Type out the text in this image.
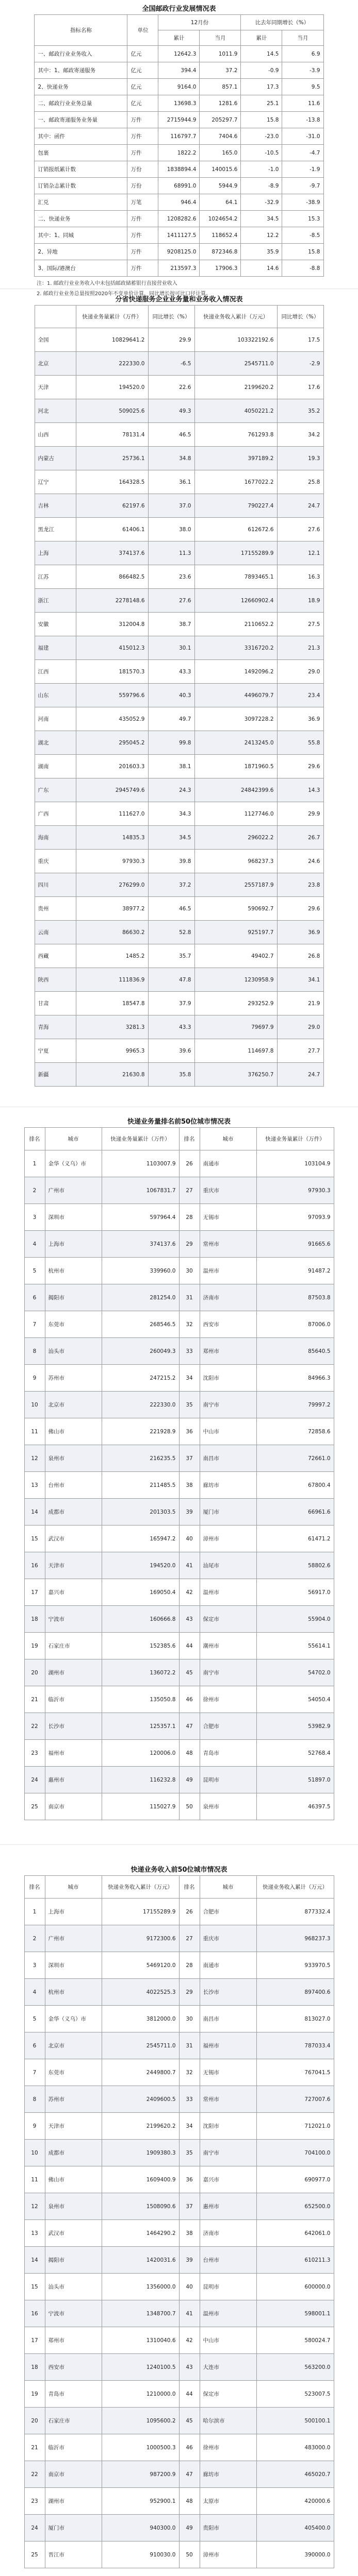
全国邮政行业发展情况表
指标名称	单位	12月份		比去年同期增长（%）	
		累计	当月	累计	当月
一、邮政行业业务收入	亿元	12642.3	1011.9	14.5	6.9
其中：1、邮政寄递服务	亿元	394.4	37.2	-0.9	-3.9
2、快递业务	亿元	9164.0	857.1	17.3	9.5
二、邮政行业业务总量	亿元	13698.3	1281.6	25.1	11.6
一、邮政寄递服务业务量	万件	2715944.9	205297.7	15.8	-13.8
其中：函件	万件	116797.7	7404.6	-23.0	-31.0
包裹	万件	1822.2	165.0	-10.5	-4.7
订销报纸累计数	万份	1838894.4	140015.6	-1.0	-1.9
订销杂志累计数	万份	68991.0	5944.9	-8.9	-9.7
汇兑	万笔	946.4	64.1	-32.9	-38.9
二、快递业务	万件	1208282.6	1024654.2	34.5	15.3
其中：1、同城	万件	1411127.5	118652.4	12.2	-8.5
2、异地	万件	9208125.0	872346.8	35.9	15.8
3、国际/港澳台	万件	213597.3	17906.3	14.6	-8.8
注：1. 邮政行业业务收入中未包括邮政储蓄银行直接营业收入
2. 邮政行业业务总量按照2020年不变单价计算，同比增长按可比口径计算。
分省快递服务企业业务量和业务收入情况表
	快递业务量累计（万件）	同比增长（%）	快递业务收入累计（万元）	同比增长（%）
全国	10829641.2	29.9	103322192.6	17.5
北京	222330.0	-6.5	2545711.0	-2.9
天津	194520.0	22.6	2199620.2	17.6
河北	509025.6	49.3	4050221.2	35.2
山西	78131.4	46.5	761293.8	34.2
内蒙古	25736.1	34.8	397189.2	19.3
辽宁	164328.5	36.1	1677022.2	25.8
吉林	62197.6	37.0	790227.4	24.7
黑龙江	61406.1	38.0	612672.6	27.6
上海	374137.6	11.3	17155289.9	12.1
江苏	866482.5	23.6	7893465.1	16.3
浙江	2278148.6	27.6	12660902.4	18.9
安徽	312004.8	38.7	2110652.2	27.5
福建	415012.3	30.1	3316720.2	21.3
江西	181570.3	43.3	1492096.2	29.0
山东	559796.6	40.3	4496079.7	23.4
河南	435052.9	49.7	3097228.2	36.9
湖北	295045.2	99.8	2413245.0	55.8
湖南	201603.3	38.1	1871960.5	29.6
广东	2945749.6	24.3	24842399.6	14.3
广西	111627.0	34.3	1127746.0	29.9
海南	14835.3	34.5	296022.2	26.7
重庆	97930.3	39.8	968237.3	24.6
四川	276299.0	37.2	2557187.9	23.8
贵州	38977.2	46.5	590692.7	29.6
云南	86630.2	52.8	925197.7	36.9
西藏	1485.2	35.7	49402.7	26.8
陕西	111836.9	47.8	1230958.9	34.1
甘肃	18547.8	37.9	293252.9	21.9
青海	3281.3	43.3	79697.9	29.0
宁夏	9965.3	39.6	114697.8	27.7
新疆	21630.8	35.8	376250.7	24.7
快递业务量排名前50位城市情况表
排名	城市	快递业务量累计（万件）	排名	城市	快递业务量累计（万件）
1	金华（义乌）市	1103007.9	26	南通市	103104.9
2	广州市	1067831.7	27	重庆市	97930.3
3	深圳市	597964.4	28	无锡市	97093.9
4	上海市	374137.6	29	常州市	91665.6
5	杭州市	339960.0	30	温州市	91487.2
6	揭阳市	281254.0	31	济南市	87503.8
7	东莞市	268546.5	32	西安市	87006.0
8	汕头市	260049.3	33	郑州市	85640.5
9	苏州市	247215.2	34	沈阳市	84966.3
10	北京市	222330.0	35	南宁市	79997.2
11	佛山市	221928.9	36	中山市	72858.6
12	泉州市	216235.5	37	南昌市	72661.0
13	台州市	211485.5	38	廊坊市	67800.4
14	成都市	201303.5	39	厦门市	66961.6
15	武汉市	165947.2	40	漳州市	61471.2
16	天津市	194520.0	41	汕尾市	58802.6
17	嘉兴市	169050.4	42	温州市	56917.0
18	宁波市	160666.8	43	保定市	55904.0
19	石家庄市	152385.6	44	潮州市	55614.1
20	湖州市	136072.2	45	南宁市	54702.0
21	临沂市	135050.8	46	徐州市	54050.4
22	长沙市	125357.1	47	合肥市	53982.9
23	福州市	120006.0	48	青岛市	52768.4
24	惠州市	116232.8	49	昆明市	51897.0
25	南京市	115027.9	50	泉州市	46397.5
快递业务收入前50位城市情况表
排名	城市	快递业务收入累计（万元）	排名	城市	快递业务收入累计（万元）
1	上海市	17155289.9	26	合肥市	877332.4
2	广州市	9172300.6	27	重庆市	968237.3
3	深圳市	5469120.0	28	南通市	933970.5
4	杭州市	4022525.3	29	长沙市	897400.6
5	金华（义乌）市	3812000.0	30	南昌市	813027.0
6	北京市	2545711.0	31	福州市	787033.4
7	东莞市	2449800.7	32	无锡市	767041.5
8	苏州市	2409600.5	33	常州市	727007.6
9	天津市	2199620.2	34	沈阳市	712021.0
10	成都市	1909380.3	35	南宁市	704100.0
11	佛山市	1609400.9	36	嘉兴市	690977.0
12	泉州市	1508090.6	37	惠州市	652500.0
13	武汉市	1464290.2	38	济南市	642061.0
14	揭阳市	1420031.6	39	台州市	610211.3
15	汕头市	1356000.0	40	昆明市	600000.0
16	宁波市	1348700.7	41	温州市	598001.1
17	郑州市	1310040.6	42	中山市	580024.7
18	西安市	1240100.5	43	大连市	563200.0
19	青岛市	1210000.0	44	保定市	523007.5
20	石家庄市	1095600.2	45	哈尔滨市	500100.1
21	临沂市	1000500.3	46	徐州市	483000.0
22	南京市	987200.9	47	廊坊市	465020.7
23	湖州市	952900.1	48	太原市	420000.6
24	厦门市	940300.0	49	贵阳市	405400.0
25	晋江市	910030.0	50	漳州市	390000.0
